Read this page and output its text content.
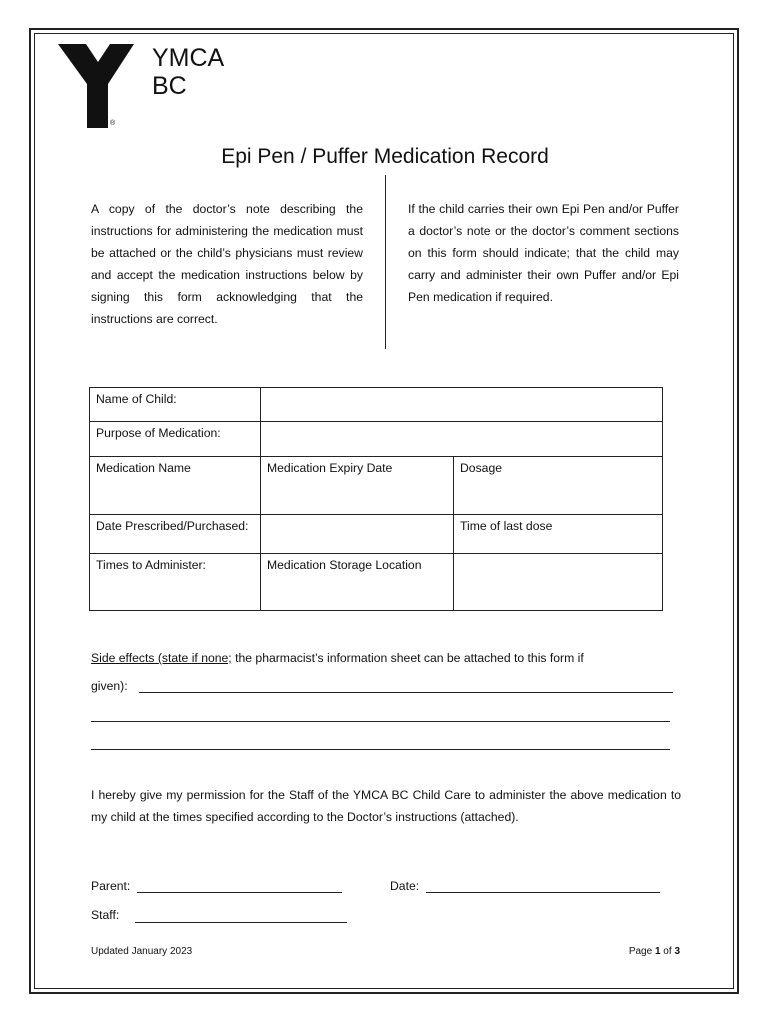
YMCA
BC
®
Epi Pen / Puffer Medication Record
A copy of the doctor’s note describing the instructions for administering the medication must be attached or the child’s physicians must review and accept the medication instructions below by signing this form acknowledging that the instructions are correct.
If the child carries their own Epi Pen and/or Puffer a doctor’s note or the doctor’s comment sections on this form should indicate; that the child may carry and administer their own Puffer and/or Epi Pen medication if required.
Name of Child:		
Purpose of Medication:		
Medication Name	Medication Expiry Date	Dosage
Date Prescribed/Purchased:		Time of last dose
Times to Administer:	Medication Storage Location	
Side effects (state if none; the pharmacist’s information sheet can be attached to this form if
given):
I hereby give my permission for the Staff of the YMCA BC Child Care to administer the above medication to my child at the times specified according to the Doctor’s instructions (attached).
Parent:	Date:
Staff:
Updated January 2023	Page 1 of 3
